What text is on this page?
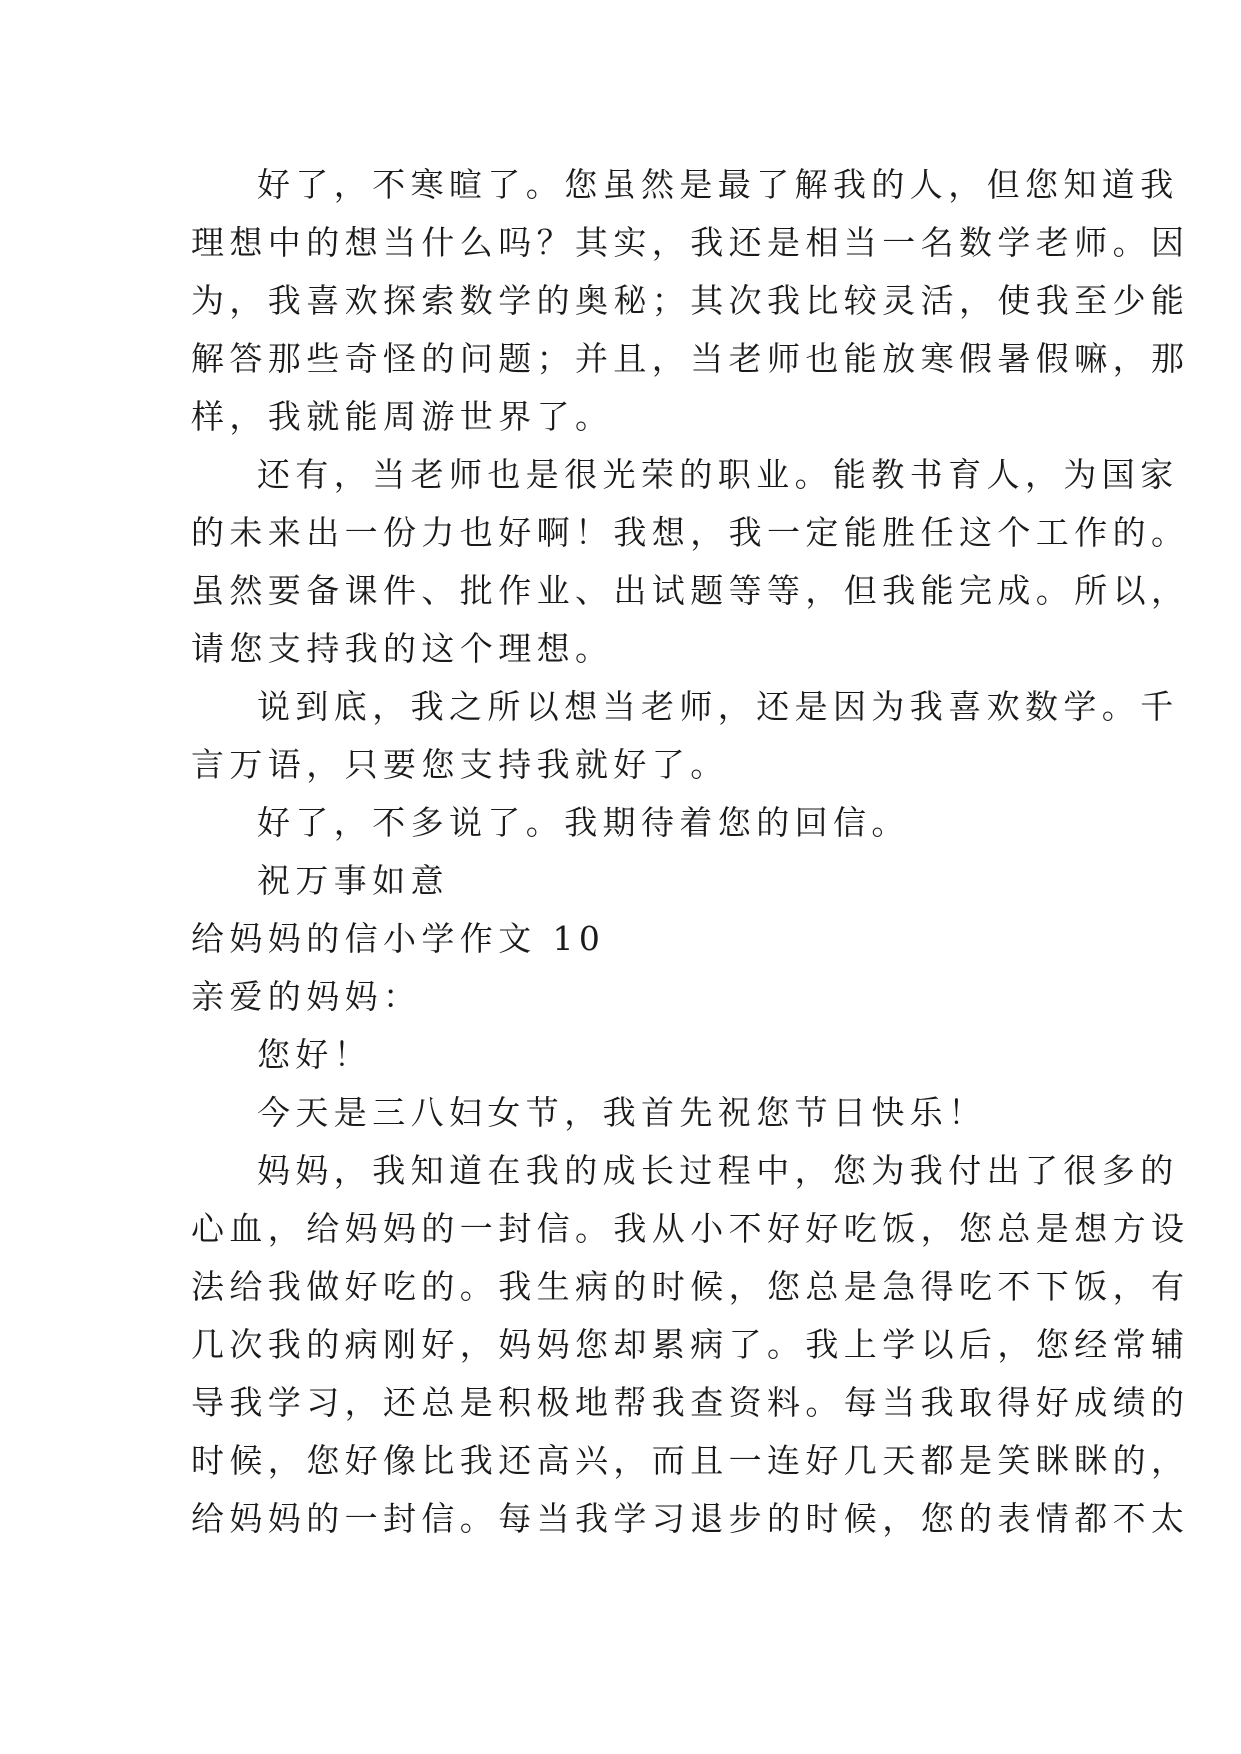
好了，不寒暄了。您虽然是最了解我的人，但您知道我
理想中的想当什么吗？其实，我还是相当一名数学老师。因
为，我喜欢探索数学的奥秘；其次我比较灵活，使我至少能
解答那些奇怪的问题；并且，当老师也能放寒假暑假嘛，那
样，我就能周游世界了。
还有，当老师也是很光荣的职业。能教书育人，为国家
的未来出一份力也好啊！我想，我一定能胜任这个工作的。
虽然要备课件、批作业、出试题等等，但我能完成。所以，
请您支持我的这个理想。
说到底，我之所以想当老师，还是因为我喜欢数学。千
言万语，只要您支持我就好了。
好了，不多说了。我期待着您的回信。
祝万事如意
给妈妈的信小学作文 10
亲爱的妈妈：
您好！
今天是三八妇女节，我首先祝您节日快乐！
妈妈，我知道在我的成长过程中，您为我付出了很多的
心血，给妈妈的一封信。我从小不好好吃饭，您总是想方设
法给我做好吃的。我生病的时候，您总是急得吃不下饭，有
几次我的病刚好，妈妈您却累病了。我上学以后，您经常辅
导我学习，还总是积极地帮我查资料。每当我取得好成绩的
时候，您好像比我还高兴，而且一连好几天都是笑眯眯的，
给妈妈的一封信。每当我学习退步的时候，您的表情都不太
